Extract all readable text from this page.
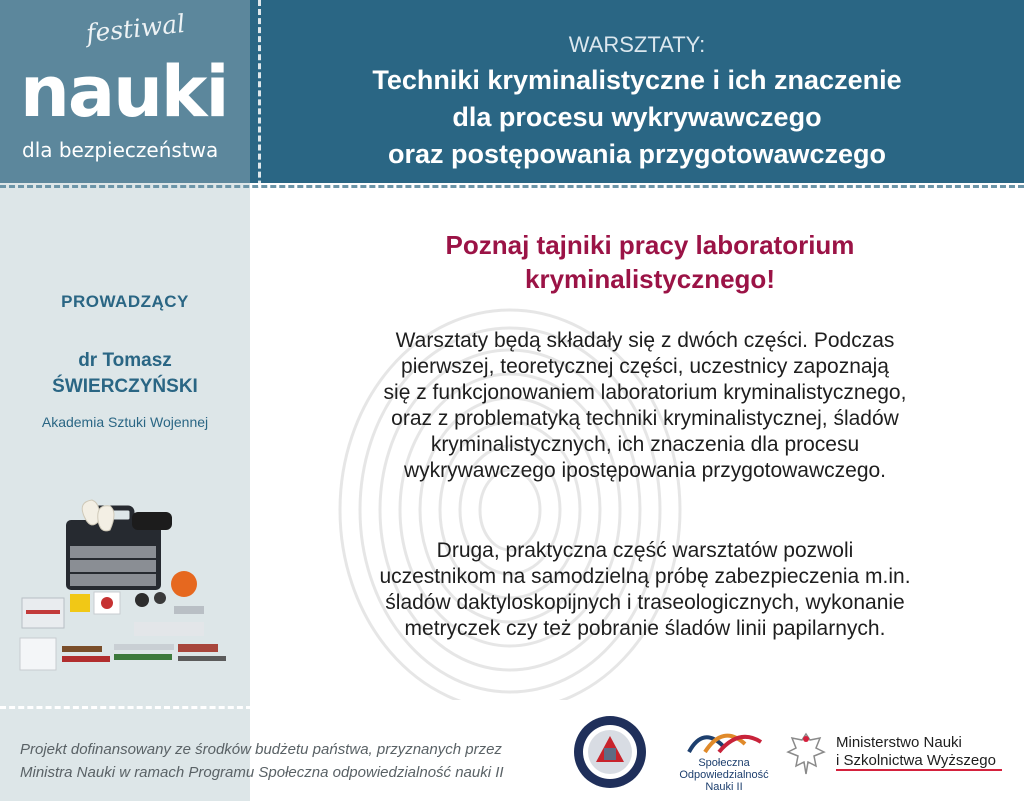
festiwal
nauki
dla bezpieczeństwa
WARSZTATY:
Techniki kryminalistyczne i ich znaczenie
dla procesu wykrywawczego
oraz postępowania przygotowawczego
PROWADZĄCY
dr Tomasz
ŚWIERCZYŃSKI
Akademia Sztuki Wojennej
Poznaj tajniki pracy laboratorium
kryminalistycznego!
Warsztaty będą składały się z dwóch części. Podczas
pierwszej, teoretycznej części, uczestnicy zapoznają
się z funkcjonowaniem laboratorium kryminalistycznego,
oraz z problematyką techniki kryminalistycznej, śladów
kryminalistycznych, ich znaczenia dla procesu
wykrywawczego ipostępowania przygotowawczego.
Druga, praktyczna część warsztatów pozwoli
uczestnikom na samodzielną próbę zabezpieczenia m.in.
śladów daktyloskopijnych i traseologicznych, wykonanie
metryczek czy też pobranie śladów linii papilarnych.
Projekt dofinansowany ze środków budżetu państwa, przyznanych przez
Ministra Nauki w ramach Programu Społeczna odpowiedzialność nauki II
Społeczna
Odpowiedzialność
Nauki II
Ministerstwo Nauki
i Szkolnictwa Wyższego
